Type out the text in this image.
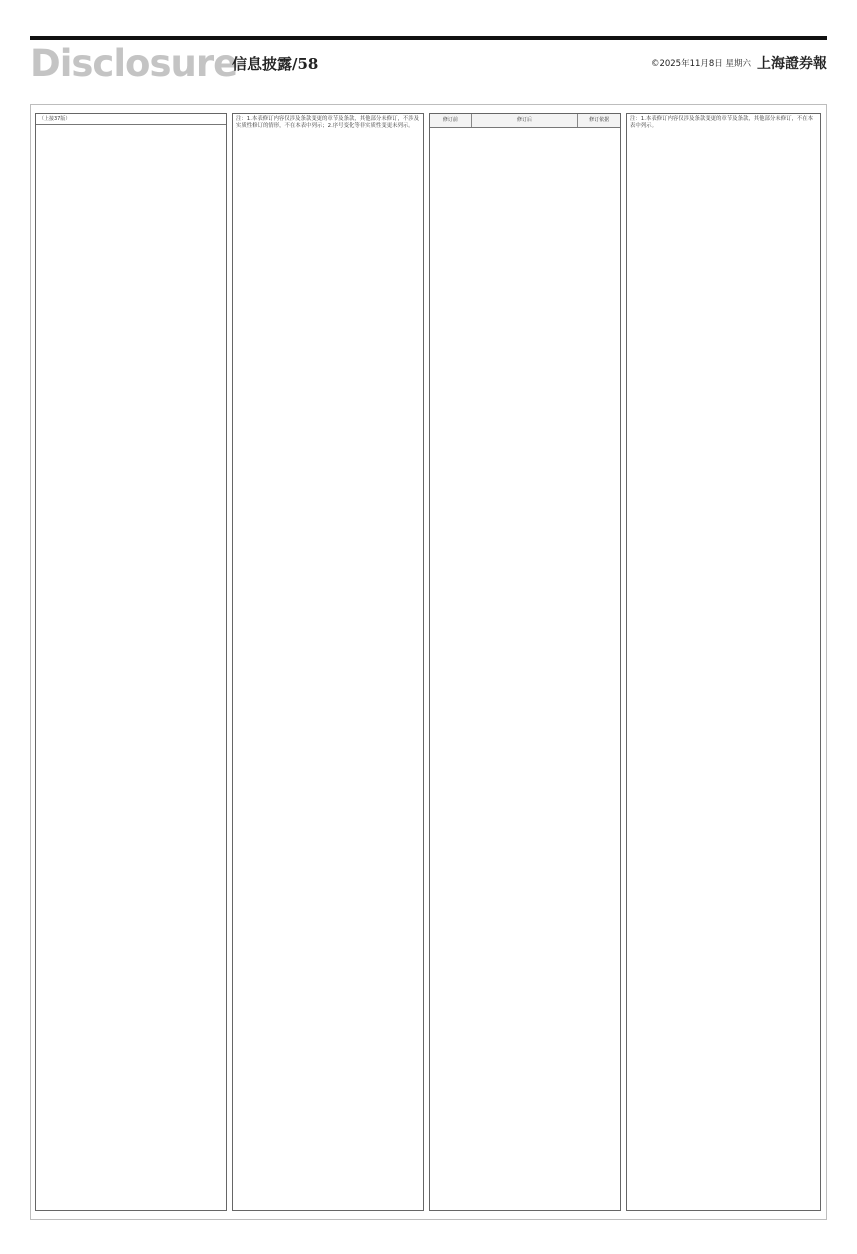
Disclosure
信息披露/58	©2025年11月8日 星期六 上海證券報
（上接37版）	注：1.本表修订内容仅涉及条款变更的章节及条款，其他部分未修订，不涉及实质性修订的情形，不在本表中列示；2.序号变化等非实质性变更未列示。
修订前	修订后	修订依据	注：1.本表修订内容仅涉及条款变更的章节及条款，其他部分未修订，不在本表中列示。
